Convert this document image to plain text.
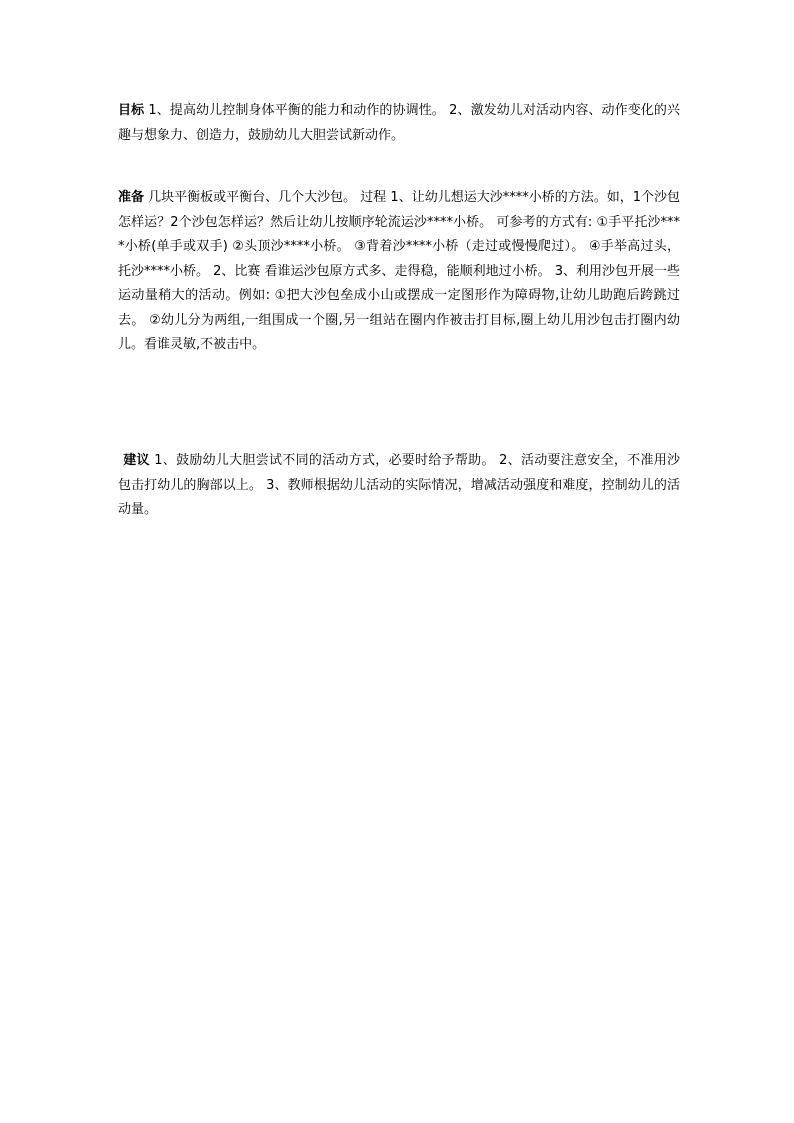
目标 1、提高幼儿控制身体平衡的能力和动作的协调性。 2、激发幼儿对活动内容、动作变化的兴趣与想象力、创造力，鼓励幼儿大胆尝试新动作。
准备 几块平衡板或平衡台、几个大沙包。 过程 1、让幼儿想运大沙****小桥的方法。如，1个沙包怎样运？2个沙包怎样运？然后让幼儿按顺序轮流运沙****小桥。 可参考的方式有: ①手平托沙****小桥(单手或双手) ②头顶沙****小桥。 ③背着沙****小桥（走过或慢慢爬过）。 ④手举高过头，托沙****小桥。 2、比赛 看谁运沙包原方式多、走得稳，能顺利地过小桥。 3、利用沙包开展一些运动量稍大的活动。例如: ①把大沙包垒成小山或摆成一定图形作为障碍物,让幼儿助跑后跨跳过去。 ②幼儿分为两组,一组围成一个圈,另一组站在圈内作被击打目标,圈上幼儿用沙包击打圈内幼儿。看谁灵敏,不被击中。
建议 1、鼓励幼儿大胆尝试不同的活动方式，必要时给予帮助。 2、活动要注意安全，不准用沙包击打幼儿的胸部以上。 3、教师根据幼儿活动的实际情况，增减活动强度和难度，控制幼儿的活动量。
